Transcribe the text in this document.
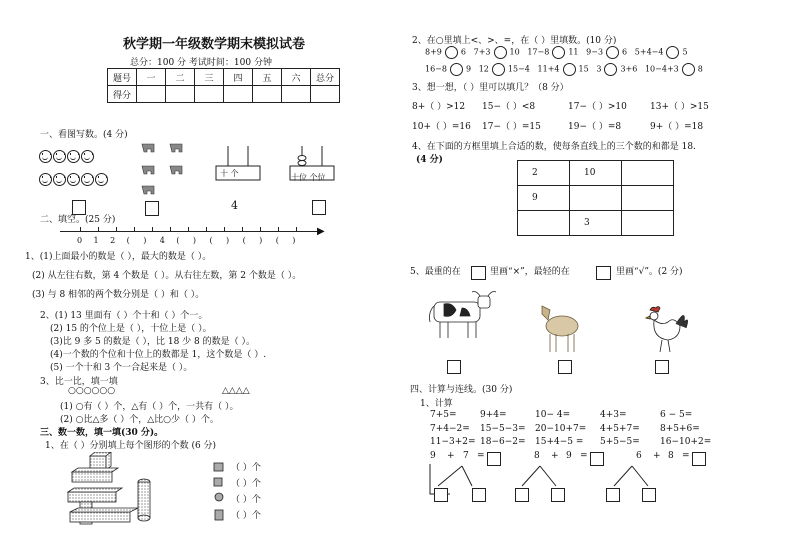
秋学期一年级数学期末模拟试卷
总分：100 分 考试时间：100 分钟
题号	一	二	三	四	五	六	总分
得分							
一、看图写数。(4 分)
十 个
4
十位 个位
二、填空。(25 分)
▶
0 1 2 ( ) 4 ( ) ( ) ( ) ( )
1、(1)上面最小的数是（ ），最大的数是（ ）。
(2) 从左往右数，第 4 个数是（ ）。从右往左数，第 2 个数是（ ）。
(3) 与 8 相邻的两个数分别是（ ）和（ ）。
2、(1) 13 里面有（ ）个十和（ ）个一。
(2) 15 的个位上是（ ），十位上是（ ）。
(3)比 9 多 5 的数是（ ），比 18 少 8 的数是（ ）。
(4)一个数的个位和十位上的数都是 1，这个数是（ ）.
(5) 一个十和 3 个一合起来是（ ）。
3、比一比，填一填
○○○○○○	△△△△
(1) ○有（ ）个，△有（ ）个，一共有（ ）。
(2) ○比△多（ ）个，△比○少（ ）个。
三、数一数，填一填(30 分)。
1、在（ ）分别填上每个图形的个数 (6 分)
（ ）个
（ ）个
（ ）个
（ ）个
2、在○里填上<、>、=，在（ ）里填数。(10 分)
8+9 6 7+3 10 17−8 11 9−3 6 5+4−4 5
16−8 9 12 15−4 11+4 15 3 3+6 10−4+3 8
3、想一想，（ ）里可以填几？（8 分）
8+（ ）>12 15−（ ）<8	17−（ ）>10	13+（ ）>15
10+（ ）=16 17−（ ）=15	19−（ ）=8	9+（ ）=18
4、在下面的方框里填上合适的数，使每条直线上的三个数的和都是 18.
(4 分)
2	10	
9		
	3	
5、最重的在	里画“×”，最轻的在	里画“√”。(2 分)
四、计算与连线。(30 分)
1、计算
7+5=	9+4=	10− 4=	4+3=	6 − 5=
7+4−2= 15−5−3= 20−10+7= 4+5+7= 8+5+6=
11−3+2= 18−6−2= 15+4−5 = 5+5−5= 16−10+2=
9 + 7 =	8 + 9 =	6 + 8 =
